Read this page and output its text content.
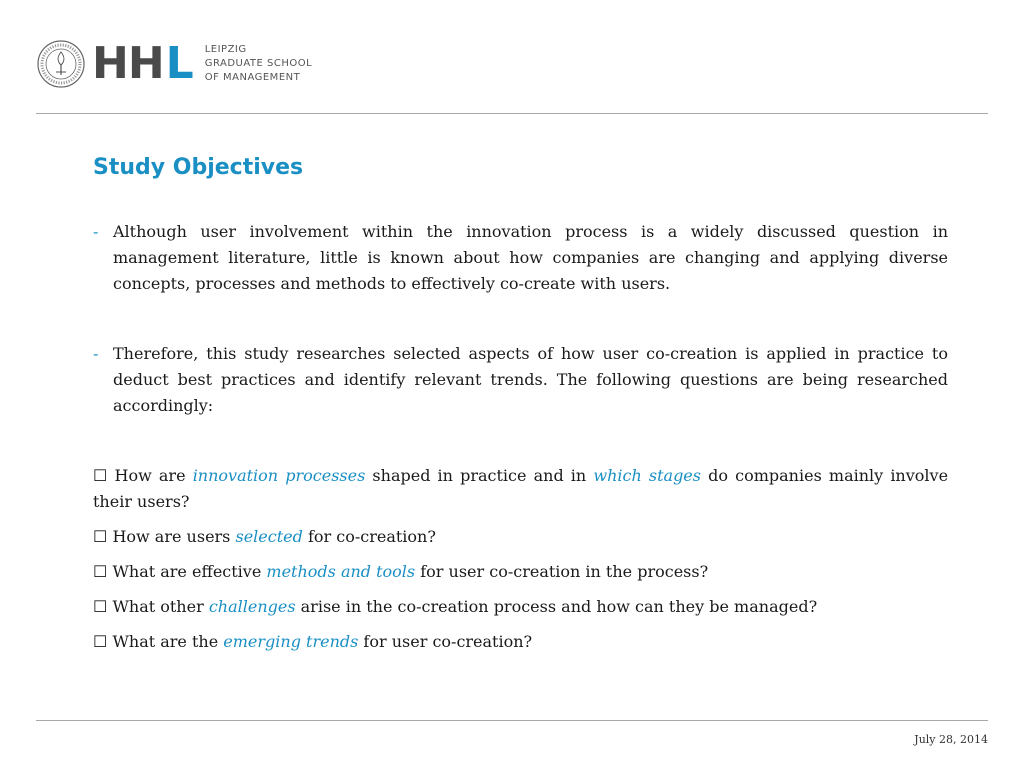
H H L LEIPZIG
GRADUATE SCHOOL
OF MANAGEMENT
Study Objectives
- Although user involvement within the innovation process is a widely discussed question in management literature, little is known about how companies are changing and applying diverse concepts, processes and methods to effectively co-create with users.
- Therefore, this study researches selected aspects of how user co-creation is applied in practice to deduct best practices and identify relevant trends. The following questions are being researched accordingly:
☐ How are innovation processes shaped in practice and in which stages do companies mainly involve their users?
☐ How are users selected for co-creation?
☐ What are effective methods and tools for user co-creation in the process?
☐ What other challenges arise in the co-creation process and how can they be managed?
☐ What are the emerging trends for user co-creation?
July 28, 2014
